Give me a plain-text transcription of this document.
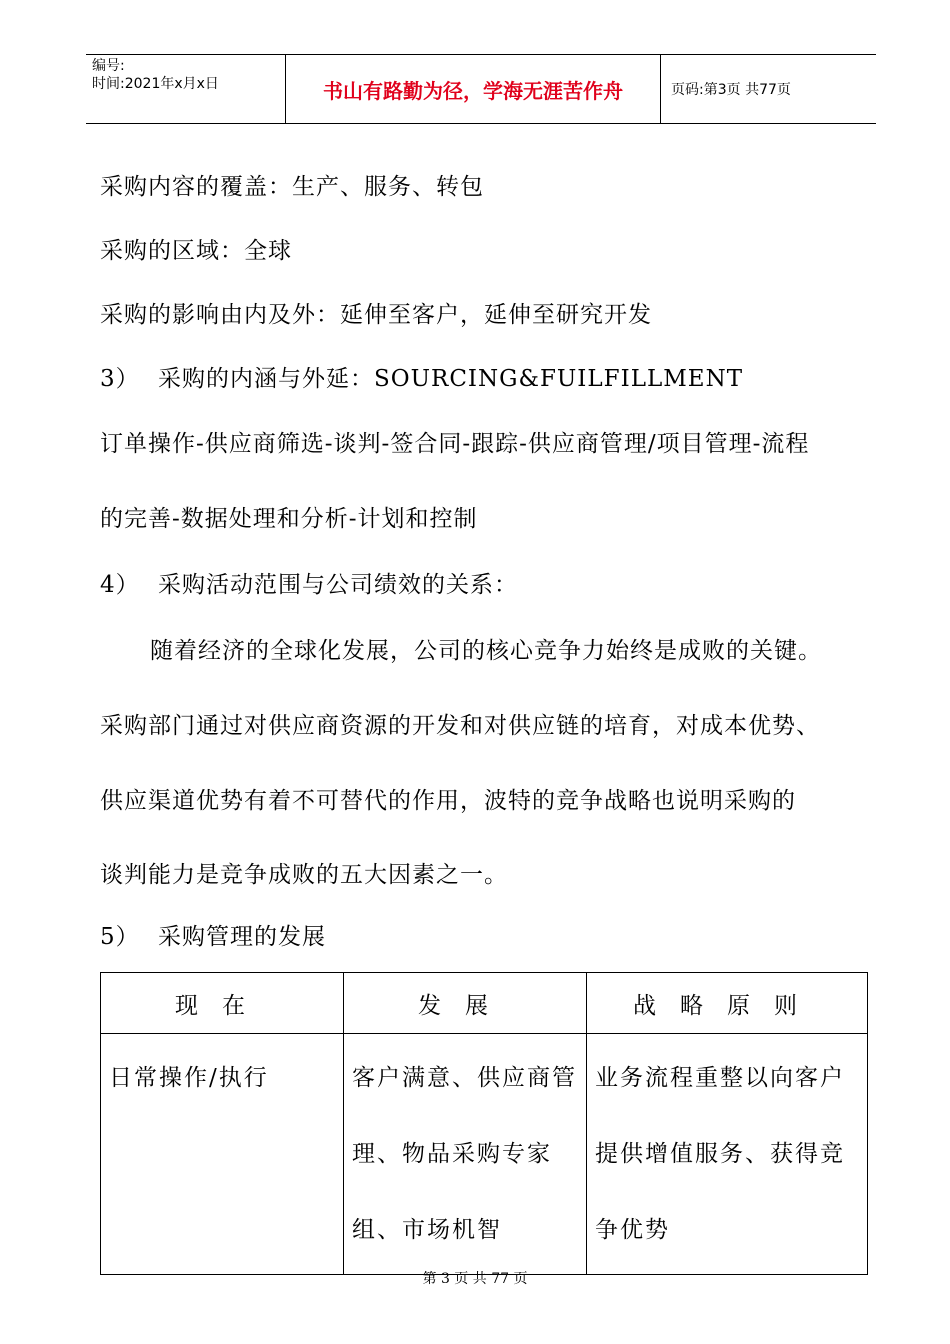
编号:
时间:2021年x月x日	书山有路勤为径，学海无涯苦作舟	页码:第3页 共77页
采购内容的覆盖：生产、服务、转包
采购的区域：全球
采购的影响由内及外：延伸至客户，延伸至研究开发
3） 采购的内涵与外延：SOURCING&FUILFILLMENT
订单操作-供应商筛选-谈判-签合同-跟踪-供应商管理/项目管理-流程
的完善-数据处理和分析-计划和控制
4） 采购活动范围与公司绩效的关系：
随着经济的全球化发展，公司的核心竞争力始终是成败的关键。
采购部门通过对供应商资源的开发和对供应链的培育，对成本优势、
供应渠道优势有着不可替代的作用，波特的竞争战略也说明采购的
谈判能力是竞争成败的五大因素之一。
5） 采购管理的发展
现在	发展	战略原则
日常操作/执行	客户满意、供应商管理、物品采购专家组、市场机智	业务流程重整以向客户提供增值服务、获得竞争优势
第 3 页 共 77 页
